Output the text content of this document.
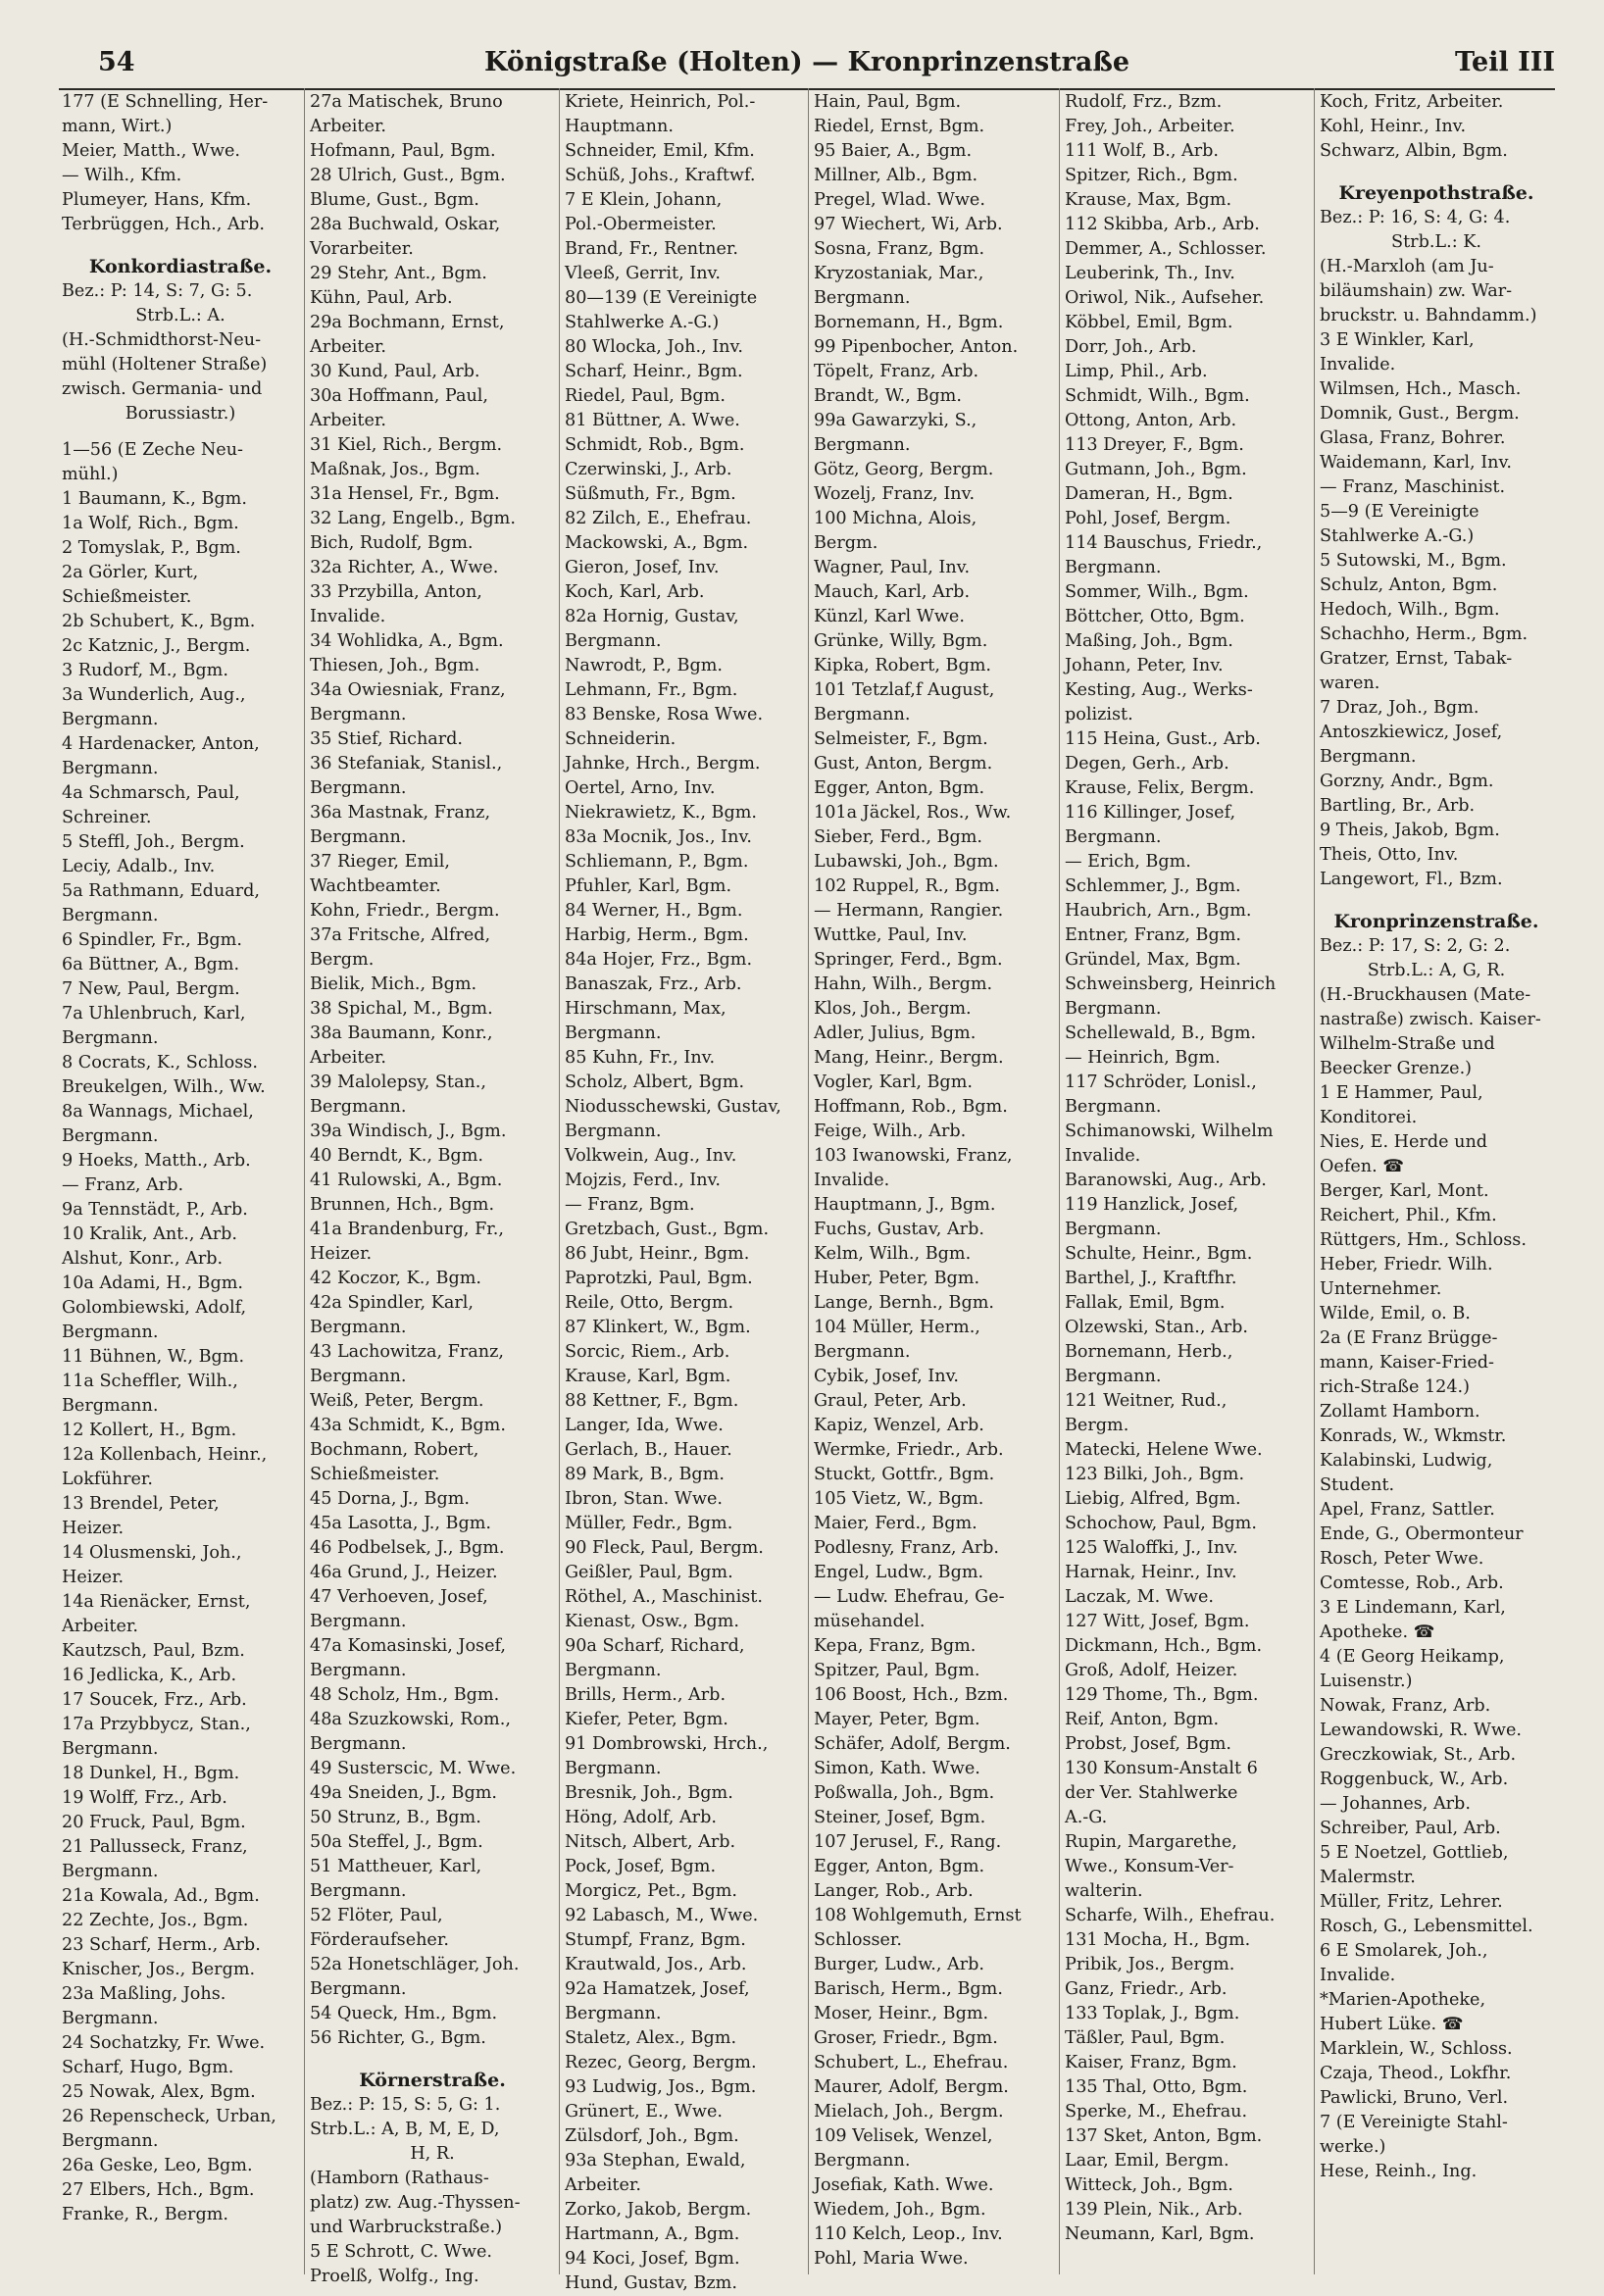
54	Königstraße (Holten) — Kronprinzenstraße	Teil III
177 (E Schnelling, Her-
mann, Wirt.)
Meier, Matth., Wwe.
— Wilh., Kfm.
Plumeyer, Hans, Kfm.
Terbrüggen, Hch., Arb.
Konkordiastraße.
Bez.: P: 14, S: 7, G: 5.
Strb.L.: A.
(H.-Schmidthorst-Neu-
mühl (Holtener Straße)
zwisch. Germania- und
Borussiastr.)
1—56 (E Zeche Neu-
mühl.)
1 Baumann, K., Bgm.
1a Wolf, Rich., Bgm.
2 Tomyslak, P., Bgm.
2a Görler, Kurt,
Schießmeister.
2b Schubert, K., Bgm.
2c Katznic, J., Bergm.
3 Rudorf, M., Bgm.
3a Wunderlich, Aug.,
Bergmann.
4 Hardenacker, Anton,
Bergmann.
4a Schmarsch, Paul,
Schreiner.
5 Steffl, Joh., Bergm.
Leciy, Adalb., Inv.
5a Rathmann, Eduard,
Bergmann.
6 Spindler, Fr., Bgm.
6a Büttner, A., Bgm.
7 New, Paul, Bergm.
7a Uhlenbruch, Karl,
Bergmann.
8 Cocrats, K., Schloss.
Breukelgen, Wilh., Ww.
8a Wannags, Michael,
Bergmann.
9 Hoeks, Matth., Arb.
— Franz, Arb.
9a Tennstädt, P., Arb.
10 Kralik, Ant., Arb.
Alshut, Konr., Arb.
10a Adami, H., Bgm.
Golombiewski, Adolf,
Bergmann.
11 Bühnen, W., Bgm.
11a Scheffler, Wilh.,
Bergmann.
12 Kollert, H., Bgm.
12a Kollenbach, Heinr.,
Lokführer.
13 Brendel, Peter,
Heizer.
14 Olusmenski, Joh.,
Heizer.
14a Rienäcker, Ernst,
Arbeiter.
Kautzsch, Paul, Bzm.
16 Jedlicka, K., Arb.
17 Soucek, Frz., Arb.
17a Przybbycz, Stan.,
Bergmann.
18 Dunkel, H., Bgm.
19 Wolff, Frz., Arb.
20 Fruck, Paul, Bgm.
21 Pallusseck, Franz,
Bergmann.
21a Kowala, Ad., Bgm.
22 Zechte, Jos., Bgm.
23 Scharf, Herm., Arb.
Knischer, Jos., Bergm.
23a Maßling, Johs.
Bergmann.
24 Sochatzky, Fr. Wwe.
Scharf, Hugo, Bgm.
25 Nowak, Alex, Bgm.
26 Repenscheck, Urban,
Bergmann.
26a Geske, Leo, Bgm.
27 Elbers, Hch., Bgm.
Franke, R., Bergm.
27a Matischek, Bruno
Arbeiter.
Hofmann, Paul, Bgm.
28 Ulrich, Gust., Bgm.
Blume, Gust., Bgm.
28a Buchwald, Oskar,
Vorarbeiter.
29 Stehr, Ant., Bgm.
Kühn, Paul, Arb.
29a Bochmann, Ernst,
Arbeiter.
30 Kund, Paul, Arb.
30a Hoffmann, Paul,
Arbeiter.
31 Kiel, Rich., Bergm.
Maßnak, Jos., Bgm.
31a Hensel, Fr., Bgm.
32 Lang, Engelb., Bgm.
Bich, Rudolf, Bgm.
32a Richter, A., Wwe.
33 Przybilla, Anton,
Invalide.
34 Wohlidka, A., Bgm.
Thiesen, Joh., Bgm.
34a Owiesniak, Franz,
Bergmann.
35 Stief, Richard.
36 Stefaniak, Stanisl.,
Bergmann.
36a Mastnak, Franz,
Bergmann.
37 Rieger, Emil,
Wachtbeamter.
Kohn, Friedr., Bergm.
37a Fritsche, Alfred,
Bergm.
Bielik, Mich., Bgm.
38 Spichal, M., Bgm.
38a Baumann, Konr.,
Arbeiter.
39 Malolepsy, Stan.,
Bergmann.
39a Windisch, J., Bgm.
40 Berndt, K., Bgm.
41 Rulowski, A., Bgm.
Brunnen, Hch., Bgm.
41a Brandenburg, Fr.,
Heizer.
42 Koczor, K., Bgm.
42a Spindler, Karl,
Bergmann.
43 Lachowitza, Franz,
Bergmann.
Weiß, Peter, Bergm.
43a Schmidt, K., Bgm.
Bochmann, Robert,
Schießmeister.
45 Dorna, J., Bgm.
45a Lasotta, J., Bgm.
46 Podbelsek, J., Bgm.
46a Grund, J., Heizer.
47 Verhoeven, Josef,
Bergmann.
47a Komasinski, Josef,
Bergmann.
48 Scholz, Hm., Bgm.
48a Szuzkowski, Rom.,
Bergmann.
49 Susterscic, M. Wwe.
49a Sneiden, J., Bgm.
50 Strunz, B., Bgm.
50a Steffel, J., Bgm.
51 Mattheuer, Karl,
Bergmann.
52 Flöter, Paul,
Förderaufseher.
52a Honetschläger, Joh.
Bergmann.
54 Queck, Hm., Bgm.
56 Richter, G., Bgm.
Körnerstraße.
Bez.: P: 15, S: 5, G: 1.
Strb.L.: A, B, M, E, D,
H, R.
(Hamborn (Rathaus-
platz) zw. Aug.-Thyssen-
und Warbruckstraße.)
5 E Schrott, C. Wwe.
Proelß, Wolfg., Ing.
Kriete, Heinrich, Pol.-
Hauptmann.
Schneider, Emil, Kfm.
Schüß, Johs., Kraftwf.
7 E Klein, Johann,
Pol.-Obermeister.
Brand, Fr., Rentner.
Vleeß, Gerrit, Inv.
80—139 (E Vereinigte
Stahlwerke A.-G.)
80 Wlocka, Joh., Inv.
Scharf, Heinr., Bgm.
Riedel, Paul, Bgm.
81 Büttner, A. Wwe.
Schmidt, Rob., Bgm.
Czerwinski, J., Arb.
Süßmuth, Fr., Bgm.
82 Zilch, E., Ehefrau.
Mackowski, A., Bgm.
Gieron, Josef, Inv.
Koch, Karl, Arb.
82a Hornig, Gustav,
Bergmann.
Nawrodt, P., Bgm.
Lehmann, Fr., Bgm.
83 Benske, Rosa Wwe.
Schneiderin.
Jahnke, Hrch., Bergm.
Oertel, Arno, Inv.
Niekrawietz, K., Bgm.
83a Mocnik, Jos., Inv.
Schliemann, P., Bgm.
Pfuhler, Karl, Bgm.
84 Werner, H., Bgm.
Harbig, Herm., Bgm.
84a Hojer, Frz., Bgm.
Banaszak, Frz., Arb.
Hirschmann, Max,
Bergmann.
85 Kuhn, Fr., Inv.
Scholz, Albert, Bgm.
Niodusschewski, Gustav,
Bergmann.
Volkwein, Aug., Inv.
Mojzis, Ferd., Inv.
— Franz, Bgm.
Gretzbach, Gust., Bgm.
86 Jubt, Heinr., Bgm.
Paprotzki, Paul, Bgm.
Reile, Otto, Bergm.
87 Klinkert, W., Bgm.
Sorcic, Riem., Arb.
Krause, Karl, Bgm.
88 Kettner, F., Bgm.
Langer, Ida, Wwe.
Gerlach, B., Hauer.
89 Mark, B., Bgm.
Ibron, Stan. Wwe.
Müller, Fedr., Bgm.
90 Fleck, Paul, Bergm.
Geißler, Paul, Bgm.
Röthel, A., Maschinist.
Kienast, Osw., Bgm.
90a Scharf, Richard,
Bergmann.
Brills, Herm., Arb.
Kiefer, Peter, Bgm.
91 Dombrowski, Hrch.,
Bergmann.
Bresnik, Joh., Bgm.
Höng, Adolf, Arb.
Nitsch, Albert, Arb.
Pock, Josef, Bgm.
Morgicz, Pet., Bgm.
92 Labasch, M., Wwe.
Stumpf, Franz, Bgm.
Krautwald, Jos., Arb.
92a Hamatzek, Josef,
Bergmann.
Staletz, Alex., Bgm.
Rezec, Georg, Bergm.
93 Ludwig, Jos., Bgm.
Grünert, E., Wwe.
Zülsdorf, Joh., Bgm.
93a Stephan, Ewald,
Arbeiter.
Zorko, Jakob, Bergm.
Hartmann, A., Bgm.
94 Koci, Josef, Bgm.
Hund, Gustav, Bzm.
Hain, Paul, Bgm.
Riedel, Ernst, Bgm.
95 Baier, A., Bgm.
Millner, Alb., Bgm.
Pregel, Wlad. Wwe.
97 Wiechert, Wi, Arb.
Sosna, Franz, Bgm.
Kryzostaniak, Mar.,
Bergmann.
Bornemann, H., Bgm.
99 Pipenbocher, Anton.
Töpelt, Franz, Arb.
Brandt, W., Bgm.
99a Gawarzyki, S.,
Bergmann.
Götz, Georg, Bergm.
Wozelj, Franz, Inv.
100 Michna, Alois,
Bergm.
Wagner, Paul, Inv.
Mauch, Karl, Arb.
Künzl, Karl Wwe.
Grünke, Willy, Bgm.
Kipka, Robert, Bgm.
101 Tetzlaf,f August,
Bergmann.
Selmeister, F., Bgm.
Gust, Anton, Bergm.
Egger, Anton, Bgm.
101a Jäckel, Ros., Ww.
Sieber, Ferd., Bgm.
Lubawski, Joh., Bgm.
102 Ruppel, R., Bgm.
— Hermann, Rangier.
Wuttke, Paul, Inv.
Springer, Ferd., Bgm.
Hahn, Wilh., Bergm.
Klos, Joh., Bergm.
Adler, Julius, Bgm.
Mang, Heinr., Bergm.
Vogler, Karl, Bgm.
Hoffmann, Rob., Bgm.
Feige, Wilh., Arb.
103 Iwanowski, Franz,
Invalide.
Hauptmann, J., Bgm.
Fuchs, Gustav, Arb.
Kelm, Wilh., Bgm.
Huber, Peter, Bgm.
Lange, Bernh., Bgm.
104 Müller, Herm.,
Bergmann.
Cybik, Josef, Inv.
Graul, Peter, Arb.
Kapiz, Wenzel, Arb.
Wermke, Friedr., Arb.
Stuckt, Gottfr., Bgm.
105 Vietz, W., Bgm.
Maier, Ferd., Bgm.
Podlesny, Franz, Arb.
Engel, Ludw., Bgm.
— Ludw. Ehefrau, Ge-
müsehandel.
Kepa, Franz, Bgm.
Spitzer, Paul, Bgm.
106 Boost, Hch., Bzm.
Mayer, Peter, Bgm.
Schäfer, Adolf, Bergm.
Simon, Kath. Wwe.
Poßwalla, Joh., Bgm.
Steiner, Josef, Bgm.
107 Jerusel, F., Rang.
Egger, Anton, Bgm.
Langer, Rob., Arb.
108 Wohlgemuth, Ernst
Schlosser.
Burger, Ludw., Arb.
Barisch, Herm., Bgm.
Moser, Heinr., Bgm.
Groser, Friedr., Bgm.
Schubert, L., Ehefrau.
Maurer, Adolf, Bergm.
Mielach, Joh., Bergm.
109 Velisek, Wenzel,
Bergmann.
Josefiak, Kath. Wwe.
Wiedem, Joh., Bgm.
110 Kelch, Leop., Inv.
Pohl, Maria Wwe.
Rudolf, Frz., Bzm.
Frey, Joh., Arbeiter.
111 Wolf, B., Arb.
Spitzer, Rich., Bgm.
Krause, Max, Bgm.
112 Skibba, Arb., Arb.
Demmer, A., Schlosser.
Leuberink, Th., Inv.
Oriwol, Nik., Aufseher.
Köbbel, Emil, Bgm.
Dorr, Joh., Arb.
Limp, Phil., Arb.
Schmidt, Wilh., Bgm.
Ottong, Anton, Arb.
113 Dreyer, F., Bgm.
Gutmann, Joh., Bgm.
Dameran, H., Bgm.
Pohl, Josef, Bergm.
114 Bauschus, Friedr.,
Bergmann.
Sommer, Wilh., Bgm.
Böttcher, Otto, Bgm.
Maßing, Joh., Bgm.
Johann, Peter, Inv.
Kesting, Aug., Werks-
polizist.
115 Heina, Gust., Arb.
Degen, Gerh., Arb.
Krause, Felix, Bergm.
116 Killinger, Josef,
Bergmann.
— Erich, Bgm.
Schlemmer, J., Bgm.
Haubrich, Arn., Bgm.
Entner, Franz, Bgm.
Gründel, Max, Bgm.
Schweinsberg, Heinrich
Bergmann.
Schellewald, B., Bgm.
— Heinrich, Bgm.
117 Schröder, Lonisl.,
Bergmann.
Schimanowski, Wilhelm
Invalide.
Baranowski, Aug., Arb.
119 Hanzlick, Josef,
Bergmann.
Schulte, Heinr., Bgm.
Barthel, J., Kraftfhr.
Fallak, Emil, Bgm.
Olzewski, Stan., Arb.
Bornemann, Herb.,
Bergmann.
121 Weitner, Rud.,
Bergm.
Matecki, Helene Wwe.
123 Bilki, Joh., Bgm.
Liebig, Alfred, Bgm.
Schochow, Paul, Bgm.
125 Waloffki, J., Inv.
Harnak, Heinr., Inv.
Laczak, M. Wwe.
127 Witt, Josef, Bgm.
Dickmann, Hch., Bgm.
Groß, Adolf, Heizer.
129 Thome, Th., Bgm.
Reif, Anton, Bgm.
Probst, Josef, Bgm.
130 Konsum-Anstalt 6
der Ver. Stahlwerke
A.-G.
Rupin, Margarethe,
Wwe., Konsum-Ver-
walterin.
Scharfe, Wilh., Ehefrau.
131 Mocha, H., Bgm.
Pribik, Jos., Bergm.
Ganz, Friedr., Arb.
133 Toplak, J., Bgm.
Täßler, Paul, Bgm.
Kaiser, Franz, Bgm.
135 Thal, Otto, Bgm.
Sperke, M., Ehefrau.
137 Sket, Anton, Bgm.
Laar, Emil, Bergm.
Witteck, Joh., Bgm.
139 Plein, Nik., Arb.
Neumann, Karl, Bgm.
Koch, Fritz, Arbeiter.
Kohl, Heinr., Inv.
Schwarz, Albin, Bgm.
Kreyenpothstraße.
Bez.: P: 16, S: 4, G: 4.
Strb.L.: K.
(H.-Marxloh (am Ju-
biläumshain) zw. War-
bruckstr. u. Bahndamm.)
3 E Winkler, Karl,
Invalide.
Wilmsen, Hch., Masch.
Domnik, Gust., Bergm.
Glasa, Franz, Bohrer.
Waidemann, Karl, Inv.
— Franz, Maschinist.
5—9 (E Vereinigte
Stahlwerke A.-G.)
5 Sutowski, M., Bgm.
Schulz, Anton, Bgm.
Hedoch, Wilh., Bgm.
Schachho, Herm., Bgm.
Gratzer, Ernst, Tabak-
waren.
7 Draz, Joh., Bgm.
Antoszkiewicz, Josef,
Bergmann.
Gorzny, Andr., Bgm.
Bartling, Br., Arb.
9 Theis, Jakob, Bgm.
Theis, Otto, Inv.
Langewort, Fl., Bzm.
Kronprinzenstraße.
Bez.: P: 17, S: 2, G: 2.
Strb.L.: A, G, R.
(H.-Bruckhausen (Mate-
nastraße) zwisch. Kaiser-
Wilhelm-Straße und
Beecker Grenze.)
1 E Hammer, Paul,
Konditorei.
Nies, E. Herde und
Oefen. ☎
Berger, Karl, Mont.
Reichert, Phil., Kfm.
Rüttgers, Hm., Schloss.
Heber, Friedr. Wilh.
Unternehmer.
Wilde, Emil, o. B.
2a (E Franz Brügge-
mann, Kaiser-Fried-
rich-Straße 124.)
Zollamt Hamborn.
Konrads, W., Wkmstr.
Kalabinski, Ludwig,
Student.
Apel, Franz, Sattler.
Ende, G., Obermonteur
Rosch, Peter Wwe.
Comtesse, Rob., Arb.
3 E Lindemann, Karl,
Apotheke. ☎
4 (E Georg Heikamp,
Luisenstr.)
Nowak, Franz, Arb.
Lewandowski, R. Wwe.
Greczkowiak, St., Arb.
Roggenbuck, W., Arb.
— Johannes, Arb.
Schreiber, Paul, Arb.
5 E Noetzel, Gottlieb,
Malermstr.
Müller, Fritz, Lehrer.
Rosch, G., Lebensmittel.
6 E Smolarek, Joh.,
Invalide.
*Marien-Apotheke,
Hubert Lüke. ☎
Marklein, W., Schloss.
Czaja, Theod., Lokfhr.
Pawlicki, Bruno, Verl.
7 (E Vereinigte Stahl-
werke.)
Hese, Reinh., Ing.
